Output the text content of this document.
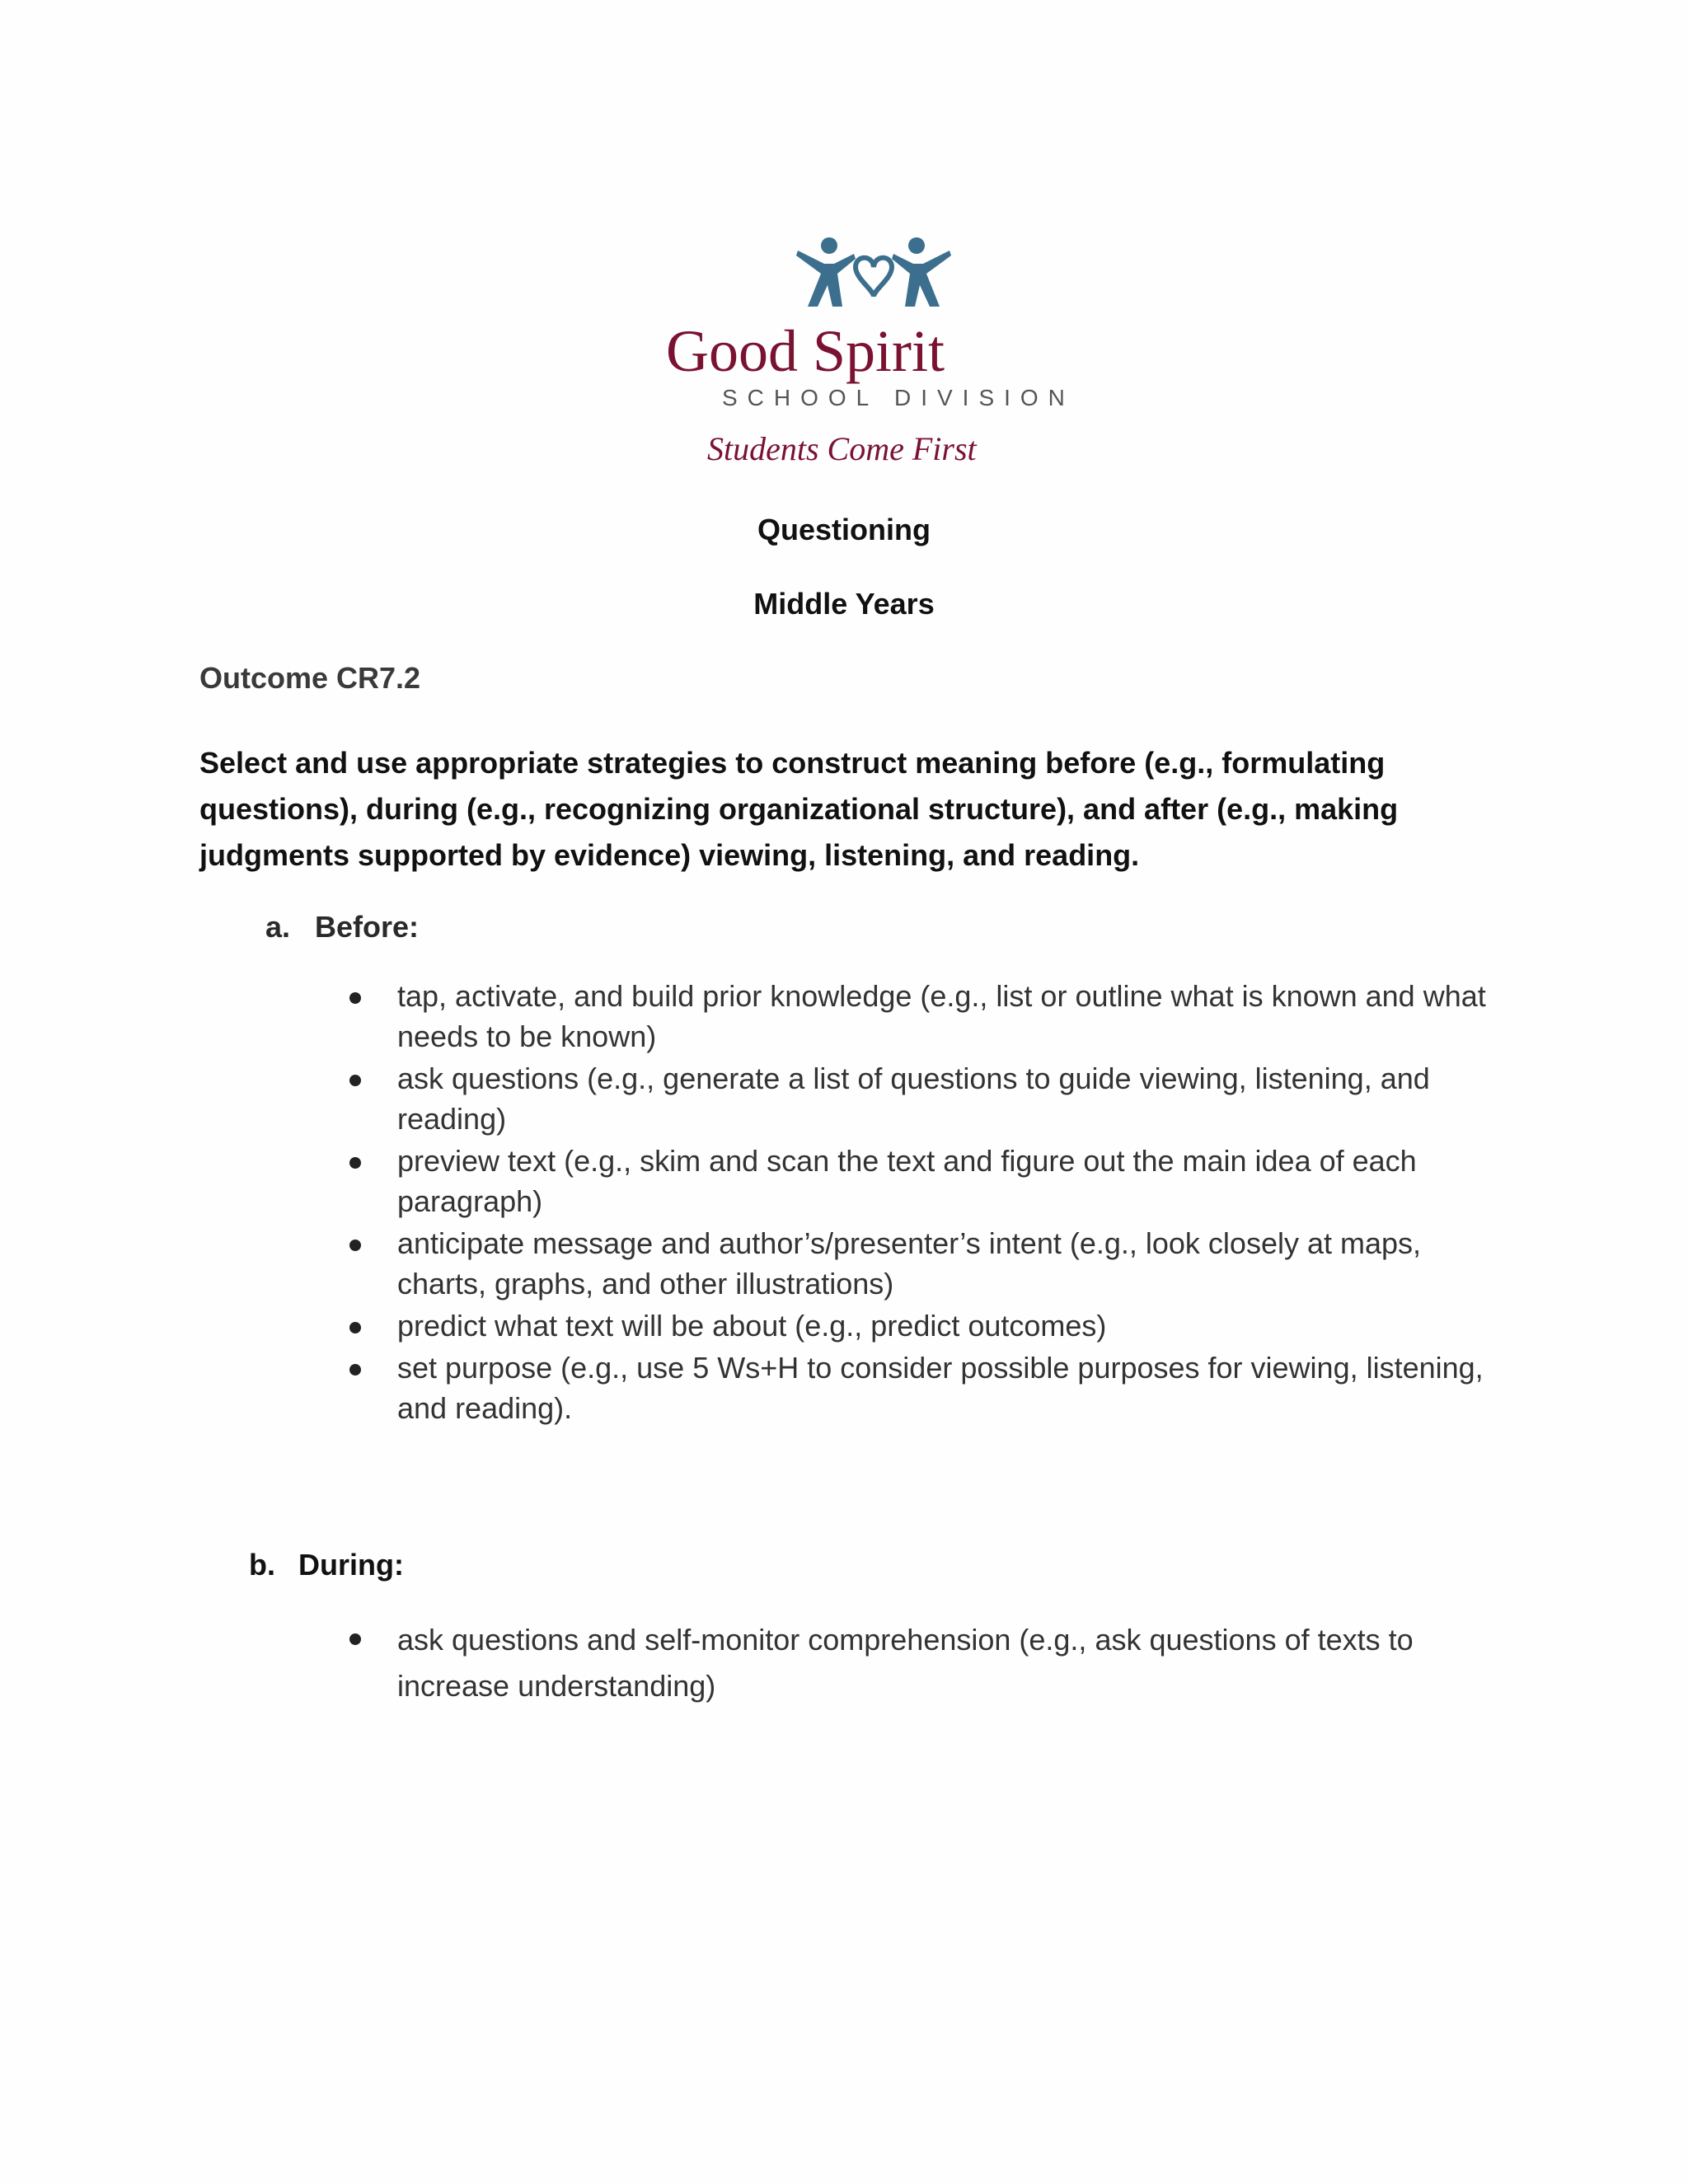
Good Spirit
SCHOOL DIVISION
Students Come First
Questioning
Middle Years
Outcome CR7.2
Select and use appropriate strategies to construct meaning before (e.g., formulating questions), during (e.g., recognizing organizational structure), and after (e.g., making judgments supported by evidence) viewing, listening, and reading.
a. Before:
tap, activate, and build prior knowledge (e.g., list or outline what is known and what needs to be known)
ask questions (e.g., generate a list of questions to guide viewing, listening, and reading)
preview text (e.g., skim and scan the text and figure out the main idea of each paragraph)
anticipate message and author’s/presenter’s intent (e.g., look closely at maps, charts, graphs, and other illustrations)
predict what text will be about (e.g., predict outcomes)
set purpose (e.g., use 5 Ws+H to consider possible purposes for viewing, listening, and reading).
b. During:
ask questions and self-monitor comprehension (e.g., ask questions of texts to increase understanding)
